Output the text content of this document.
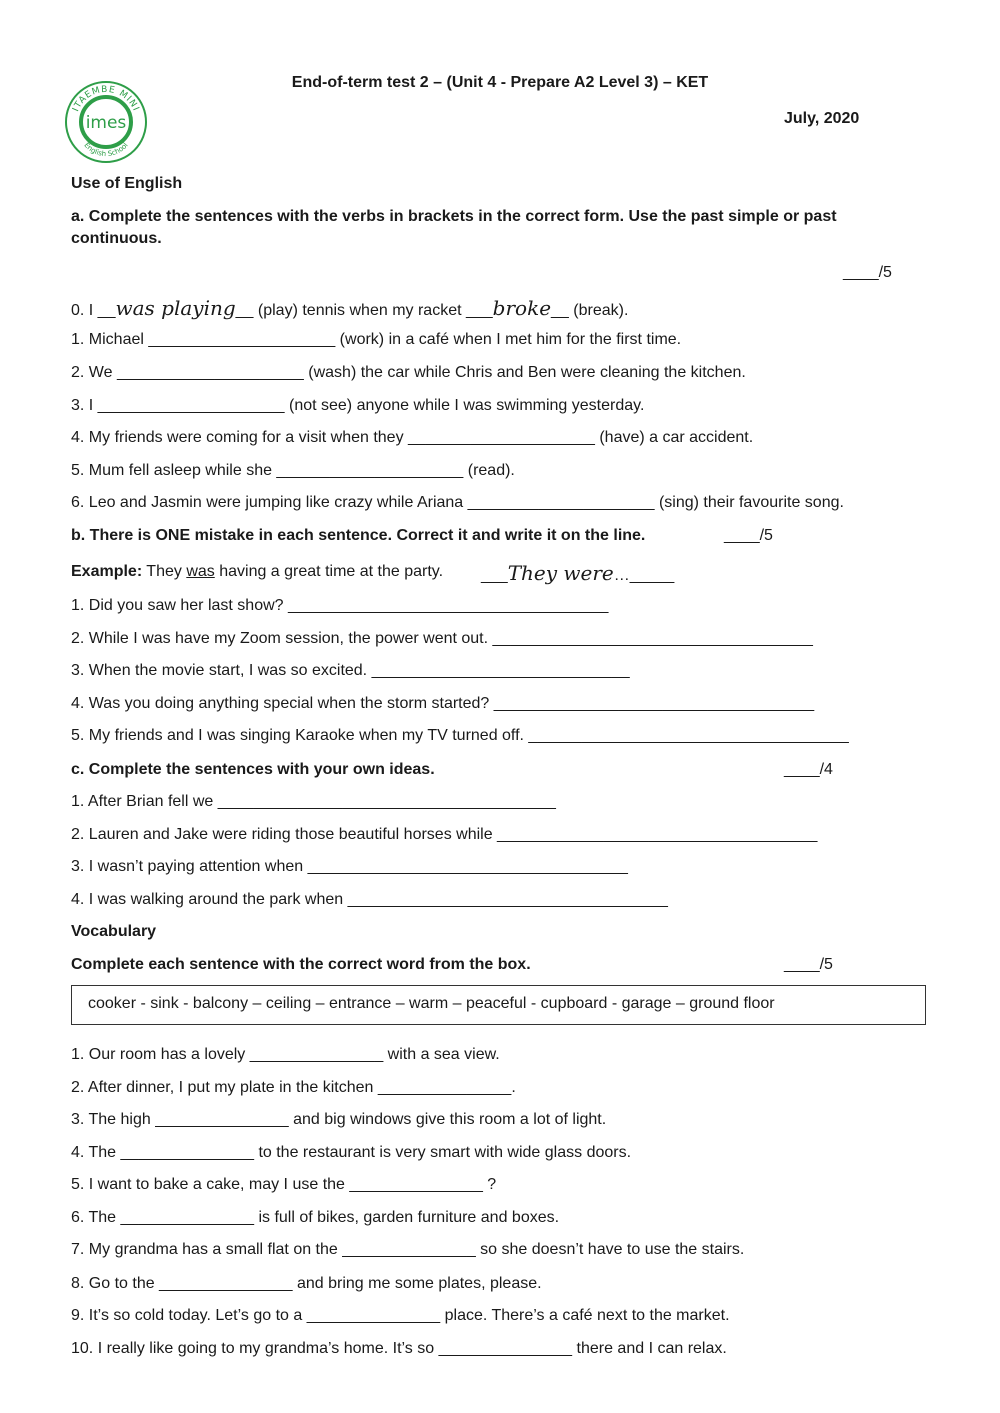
ITAEMBE MINI
imes
English School
End-of-term test 2 – (Unit 4 - Prepare A2 Level 3) – KET
July, 2020
Use of English
a. Complete the sentences with the verbs in brackets in the correct form. Use the past simple or past
continuous.
____/5
0. I __was playing__ (play) tennis when my racket ___broke__ (break).
1. Michael _____________________ (work) in a café when I met him for the first time.
2. We _____________________ (wash) the car while Chris and Ben were cleaning the kitchen.
3. I _____________________ (not see) anyone while I was swimming yesterday.
4. My friends were coming for a visit when they _____________________ (have) a car accident.
5. Mum fell asleep while she _____________________ (read).
6. Leo and Jasmin were jumping like crazy while Ariana _____________________ (sing) their favourite song.
b. There is ONE mistake in each sentence. Correct it and write it on the line.	____/5
Example: They was having a great time at the party. ___They were…_____
1. Did you saw her last show? ____________________________________
2. While I was have my Zoom session, the power went out. ____________________________________
3. When the movie start, I was so excited. _____________________________
4. Was you doing anything special when the storm started? ____________________________________
5. My friends and I was singing Karaoke when my TV turned off. ____________________________________
c. Complete the sentences with your own ideas.	____/4
1. After Brian fell we ______________________________________
2. Lauren and Jake were riding those beautiful horses while ____________________________________
3. I wasn’t paying attention when ____________________________________
4. I was walking around the park when ____________________________________
Vocabulary
Complete each sentence with the correct word from the box.	____/5
cooker - sink - balcony – ceiling – entrance – warm – peaceful - cupboard - garage – ground floor
1. Our room has a lovely _______________ with a sea view.
2. After dinner, I put my plate in the kitchen _______________.
3. The high _______________ and big windows give this room a lot of light.
4. The _______________ to the restaurant is very smart with wide glass doors.
5. I want to bake a cake, may I use the _______________ ?
6. The _______________ is full of bikes, garden furniture and boxes.
7. My grandma has a small flat on the _______________ so she doesn’t have to use the stairs.
8. Go to the _______________ and bring me some plates, please.
9. It’s so cold today. Let’s go to a _______________ place. There’s a café next to the market.
10. I really like going to my grandma’s home. It’s so _______________ there and I can relax.
